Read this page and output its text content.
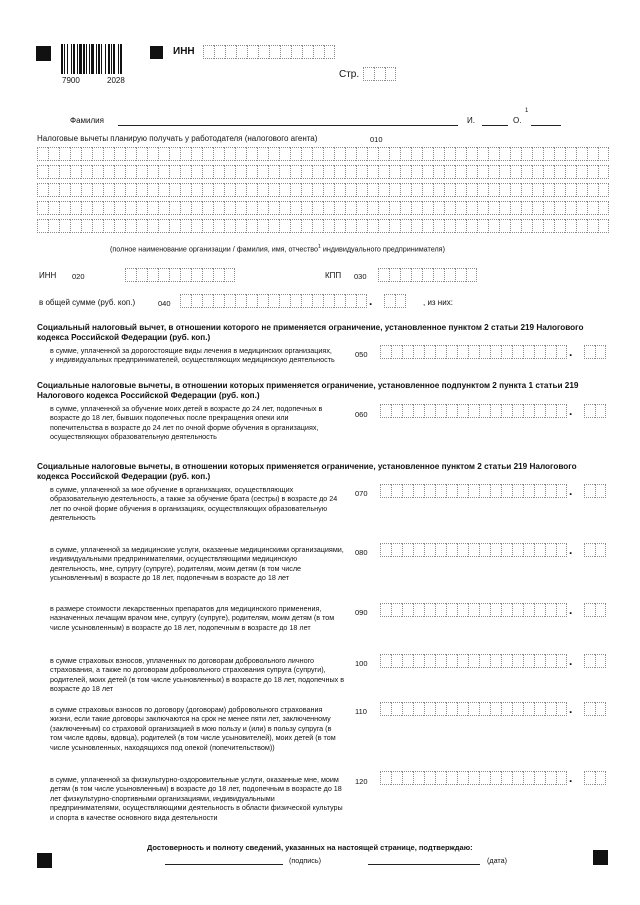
7900	2028
ИНН
Стр.
Фамилия	И.	О.
1
Налоговые вычеты планирую получать у работодателя (налогового агента)	010
(полное наименование организации / фамилия, имя, отчество$^1$ индивидуального предпринимателя)
ИНН 020	КПП 030
в общей сумме (руб. коп.)	040	.	, из них:
Социальный налоговый вычет, в отношении которого не применяется ограничение, установленное пунктом 2 статьи 219 Налогового кодекса Российской Федерации (руб. коп.)
в сумме, уплаченной за дорогостоящие виды лечения в медицинских организациях, у индивидуальных предпринимателей, осуществляющих медицинскую деятельность
050	.
Социальные налоговые вычеты, в отношении которых применяется ограничение, установленное подпунктом 2 пункта 1 статьи 219 Налогового кодекса Российской Федерации (руб. коп.)
в сумме, уплаченной за обучение моих детей в возрасте до 24 лет, подопечных в возрасте до 18 лет, бывших подопечных после прекращения опеки или попечительства в возрасте до 24 лет по очной форме обучения в организациях, осуществляющих образовательную деятельность
060	.
Социальные налоговые вычеты, в отношении которых применяется ограничение, установленное пунктом 2 статьи 219 Налогового кодекса Российской Федерации (руб. коп.)
в сумме, уплаченной за мое обучение в организациях, осуществляющих образовательную деятельность, а также за обучение брата (сестры) в возрасте до 24 лет по очной форме обучения в организациях, осуществляющих образовательную деятельность
070	.
в сумме, уплаченной за медицинские услуги, оказанные медицинскими организациями, индивидуальными предпринимателями, осуществляющими медицинскую деятельность, мне, супругу (супруге), родителям, моим детям (в том числе усыновленным) в возрасте до 18 лет, подопечным в возрасте до 18 лет
080	.
в размере стоимости лекарственных препаратов для медицинского применения, назначенных лечащим врачом мне, супругу (супруге), родителям, моим детям (в том числе усыновленным) в возрасте до 18 лет, подопечным в возрасте до 18 лет
090	.
в сумме страховых взносов, уплаченных по договорам добровольного личного страхования, а также по договорам добровольного страхования супруга (супруги), родителей, моих детей (в том числе усыновленных) в возрасте до 18 лет, подопечных в возрасте до 18 лет
100	.
в сумме страховых взносов по договору (договорам) добровольного страхования жизни, если такие договоры заключаются на срок не менее пяти лет, заключенному (заключенным) со страховой организацией в мою пользу и (или) в пользу супруга (в том числе вдовы, вдовца), родителей (в том числе усыновителей), моих детей (в том числе усыновленных, находящихся под опекой (попечительством))
110	.
в сумме, уплаченной за физкультурно-оздоровительные услуги, оказанные мне, моим детям (в том числе усыновленным) в возрасте до 18 лет, подопечным в возрасте до 18 лет физкультурно-спортивными организациями, индивидуальными предпринимателями, осуществляющими деятельность в области физической культуры и спорта в качестве основного вида деятельности
120	.
Достоверность и полноту сведений, указанных на настоящей странице, подтверждаю:
(подпись)	(дата)
